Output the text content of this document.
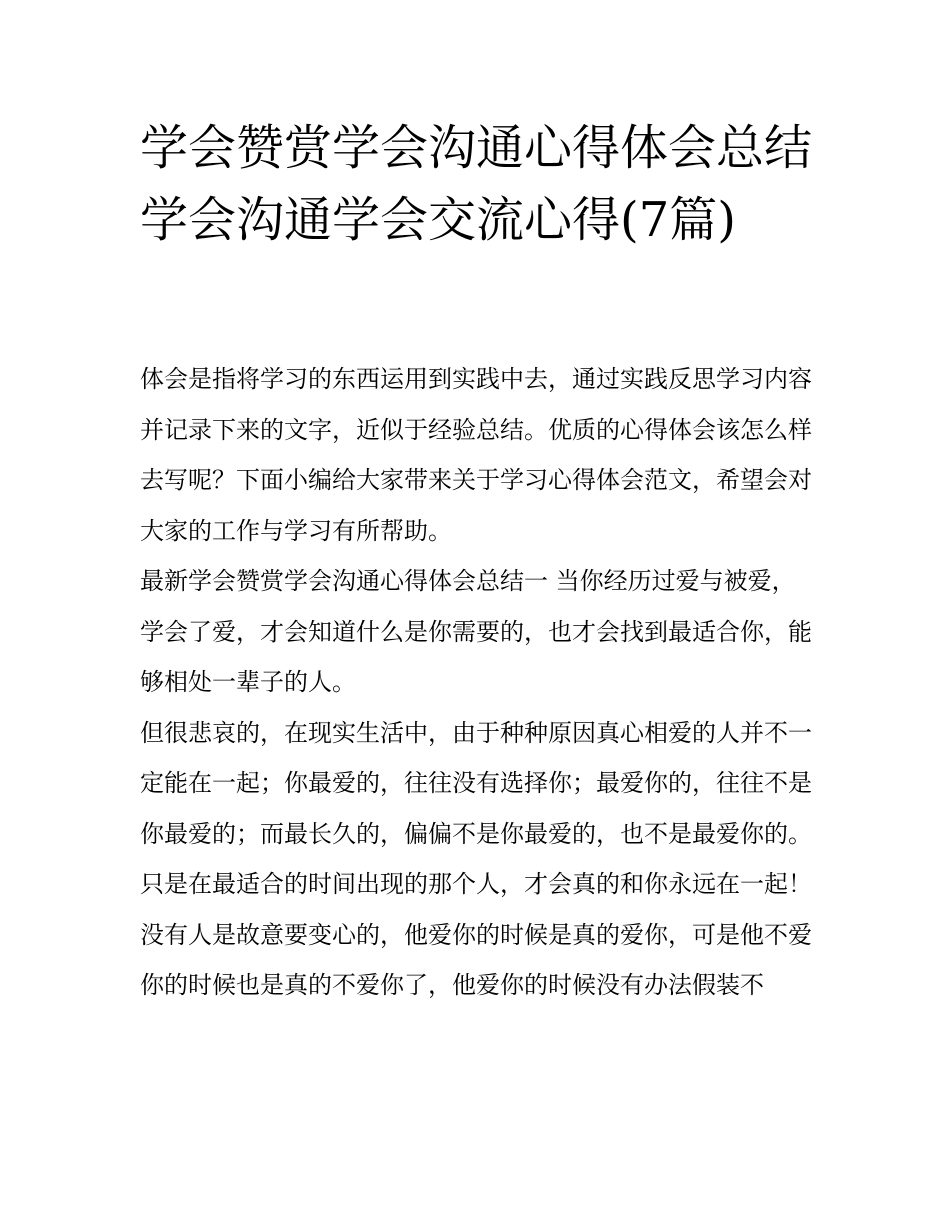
学会赞赏学会沟通心得体会总结 学会沟通学会交流心得(7篇)

体会是指将学习的东西运用到实践中去，通过实践反思学习内容并记录下来的文字，近似于经验总结。优质的心得体会该怎么样去写呢？下面小编给大家带来关于学习心得体会范文，希望会对大家的工作与学习有所帮助。

最新学会赞赏学会沟通心得体会总结一 当你经历过爱与被爱，学会了爱，才会知道什么是你需要的，也才会找到最适合你，能够相处一辈子的人。

但很悲哀的，在现实生活中，由于种种原因真心相爱的人并不一定能在一起；你最爱的，往往没有选择你；最爱你的，往往不是你最爱的；而最长久的，偏偏不是你最爱的，也不是最爱你的。

只是在最适合的时间出现的那个人，才会真的和你永远在一起！

没有人是故意要变心的，他爱你的时候是真的爱你，可是他不爱你的时候也是真的不爱你了，他爱你的时候没有办法假装不
